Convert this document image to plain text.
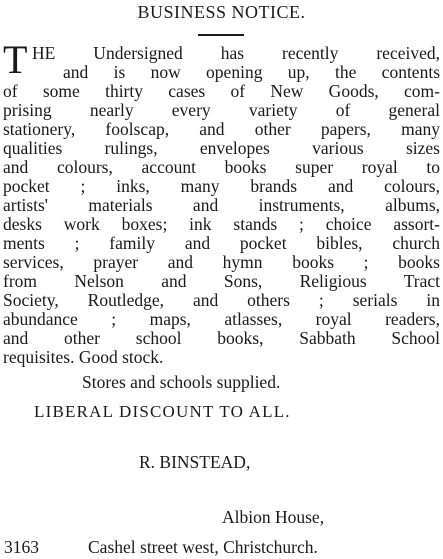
BUSINESS NOTICE.
T HE Undersigned has recently received,
and is now opening up, the contents
of some thirty cases of New Goods, com-
prising nearly every variety of general
stationery, foolscap, and other papers, many
qualities rulings, envelopes various sizes
and colours, account books super royal to
pocket ; inks, many brands and colours,
artists' materials and instruments, albums,
desks work boxes; ink stands ; choice assort-
ments ; family and pocket bibles, church
services, prayer and hymn books ; books
from Nelson and Sons, Religious Tract
Society, Routledge, and others ; serials in
abundance ; maps, atlasses, royal readers,
and other school books, Sabbath School
requisites. Good stock.
Stores and schools supplied.
LIBERAL DISCOUNT TO ALL.
R. BINSTEAD,
Albion House,
3163	Cashel street west, Christchurch.
